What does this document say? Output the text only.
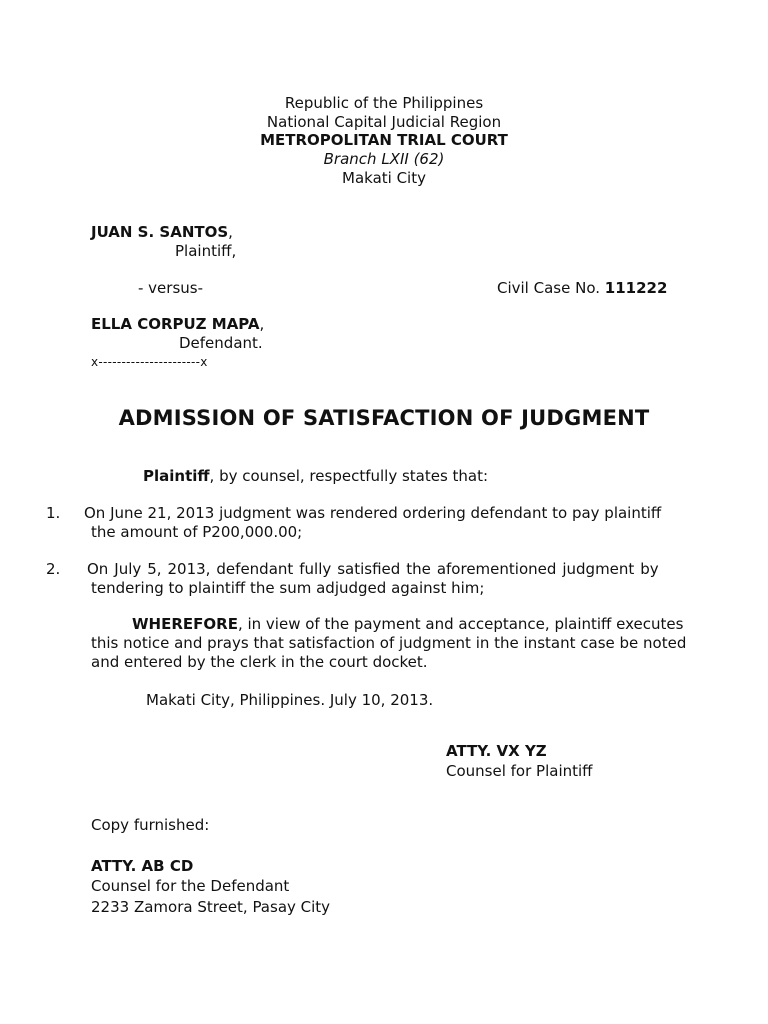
Republic of the Philippines
National Capital Judicial Region
METROPOLITAN TRIAL COURT
Branch LXII (62)
Makati City
JUAN S. SANTOS,
Plaintiff,
- versus-	Civil Case No. 111222
ELLA CORPUZ MAPA,
Defendant.
x----------------------x
ADMISSION OF SATISFACTION OF JUDGMENT
Plaintiff, by counsel, respectfully states that:
1. On June 21, 2013 judgment was rendered ordering defendant to pay plaintiff
the amount of P200,000.00;
2. On July 5, 2013, defendant fully satisfied the aforementioned judgment by
tendering to plaintiff the sum adjudged against him;
WHEREFORE, in view of the payment and acceptance, plaintiff executes
this notice and prays that satisfaction of judgment in the instant case be noted
and entered by the clerk in the court docket.
Makati City, Philippines. July 10, 2013.
ATTY. VX YZ
Counsel for Plaintiff
Copy furnished:
ATTY. AB CD
Counsel for the Defendant
2233 Zamora Street, Pasay City
